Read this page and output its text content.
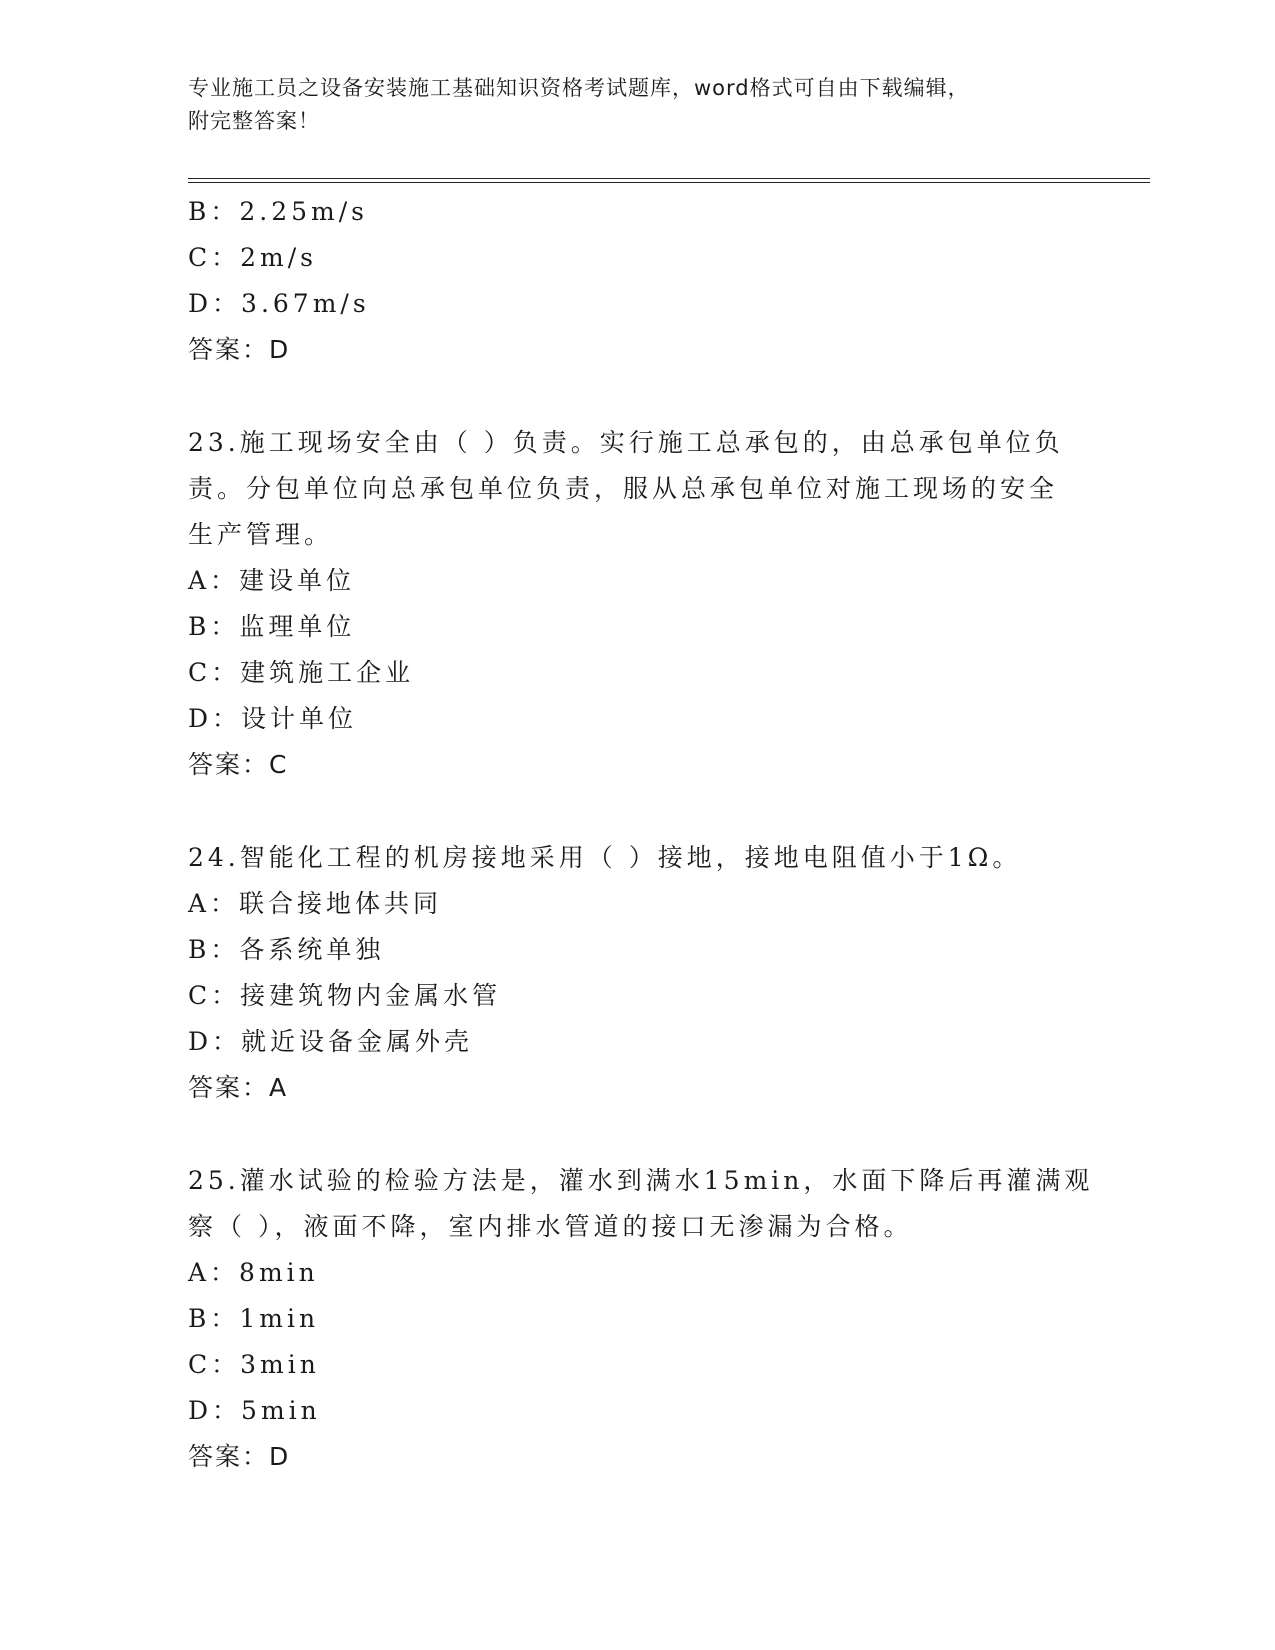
专业施工员之设备安装施工基础知识资格考试题库，word格式可自由下载编辑，
附完整答案！
B：2.25m/s
C：2m/s
D：3.67m/s
答案：D
23.施工现场安全由（ ）负责。实行施工总承包的，由总承包单位负
责。分包单位向总承包单位负责，服从总承包单位对施工现场的安全
生产管理。
A：建设单位
B：监理单位
C：建筑施工企业
D：设计单位
答案：C
24.智能化工程的机房接地采用（ ）接地，接地电阻值小于1Ω。
A：联合接地体共同
B：各系统单独
C：接建筑物内金属水管
D：就近设备金属外壳
答案：A
25.灌水试验的检验方法是，灌水到满水15min，水面下降后再灌满观
察（ ），液面不降，室内排水管道的接口无渗漏为合格。
A：8min
B：1min
C：3min
D：5min
答案：D
